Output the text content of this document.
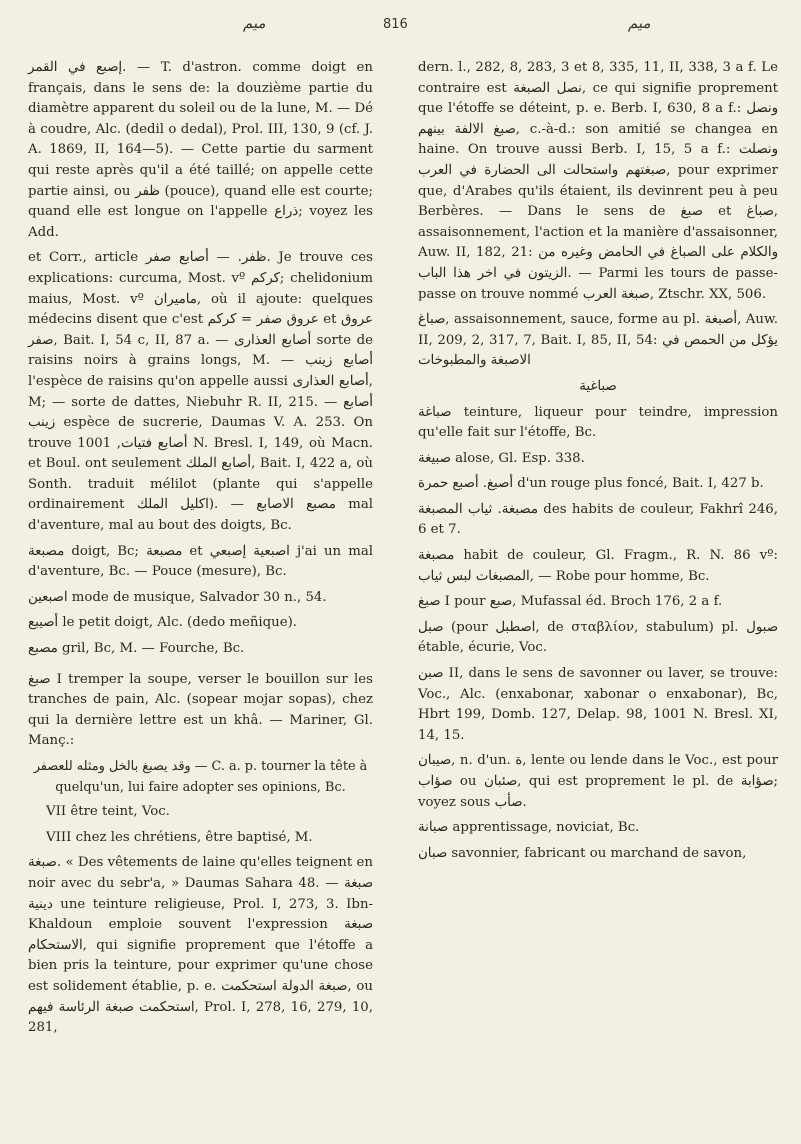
ميم	816	ميم

إصبع في القمر. — T. d'astron. comme doigt en français, dans le sens de: la douzième partie du diamètre apparent du soleil ou de la lune, M. — Dé à coudre, Alc. (dedil o dedal), Prol. III, 130, 9 (cf. J. A. 1869, II, 164—5). — Cette partie du sarment qui reste après qu'il a été taillé; on appelle cette partie ainsi, ou ظفر (pouce), quand elle est courte; quand elle est longue on l'appelle ذراع; voyez les Add.

et Corr., article ظفر. — أصابع صفر. Je trouve ces explications: curcuma, Most. vº كركم; chelidonium maius, Most. vº ماميران, où il ajoute: quelques médecins disent que c'est عروق صفر = كركم et عروق صفر, Bait. I, 54 c, II, 87 a. — أصابع العذارى sorte de raisins noirs à grains longs, M. — أصابع زينب l'espèce de raisins qu'on appelle aussi أصابع العذارى, M; — sorte de dattes, Niebuhr R. II, 215. — أصابع زينب espèce de sucrerie, Daumas V. A. 253. On trouve أصابع فتيات, 1001 N. Bresl. I, 149, où Macn. et Boul. ont seulement أصابع الملك, Bait. I, 422 a, où Sonth. traduit mélilot (plante qui s'appelle ordinairement اكليل الملك). — مصبع الاصابع mal d'aventure, mal au bout des doigts, Bc.

مصبعة doigt, Bc; مصبعة et اصبعية إصبعي j'ai un mal d'aventure, Bc. — Pouce (mesure), Bc.

اصبعين mode de musique, Salvador 30 n., 54.

أصيبع le petit doigt, Alc. (dedo meñique).

مصبع gril, Bc, M. — Fourche, Bc.

صبغ I tremper la soupe, verser le bouillon sur les tranches de pain, Alc. (sopear mojar sopas), chez qui la dernière lettre est un khâ. — Mariner, Gl. Manç.:

وقد يصبغ بالخل ومثله للعصفر — C. a. p. tourner la tête à quelqu'un, lui faire adopter ses opinions, Bc.

VII être teint, Voc.

VIII chez les chrétiens, être baptisé, M.

صبغة. « Des vêtements de laine qu'elles teignent en noir avec du sebr'a, » Daumas Sahara 48. — صبغة دينية une teinture religieuse, Prol. I, 273, 3. Ibn-Khaldoun emploie souvent l'expression صبغة الاستحكام, qui signifie proprement que l'étoffe a bien pris la teinture, pour exprimer qu'une chose est solidement établie, p. e. صبغة الدولة استحكمت, ou استحكمت صبغة الرئاسة فيهم, Prol. I, 278, 16, 279, 10, 281,

dern. l., 282, 8, 283, 3 et 8, 335, 11, II, 338, 3 a f. Le contraire est نصل الصبغة, ce qui signifie proprement que l'étoffe se déteint, p. e. Berb. I, 630, 8 a f.: ونصل صبغ الالفة بينهم, c.-à-d.: son amitié se changea en haine. On trouve aussi Berb. I, 15, 5 a f.: ونصلت صبغتهم واستحالت الى الحضارة في العرب, pour exprimer que, d'Arabes qu'ils étaient, ils devinrent peu à peu Berbères. — Dans le sens de صبغ et صباغ, assaisonnement, l'action et la manière d'assaisonner, Auw. II, 182, 21: والكلام على الصباغ في الحامض وغيره من الزيتون في اخر هذا الباب. — Parmi les tours de passe-passe on trouve nommé صبغة العرب, Ztschr. XX, 506.

صباغ, assaisonnement, sauce, forme au pl. أصبغة, Auw. II, 209, 2, 317, 7, Bait. I, 85, II, 54: يؤكل من الحمص في الاصبغة والمطبوخات

صباغية

صباغة teinture, liqueur pour teindre, impression qu'elle fait sur l'étoffe, Bc.

صبيغة alose, Gl. Esp. 338.

أصبغ. أصبع حمرة d'un rouge plus foncé, Bait. I, 427 b.

مصبغة. ثياب المصبغة des habits de couleur, Fakhrî 246, 6 et 7.

مصبغة habit de couleur, Gl. Fragm., R. N. 86 vº: المصبغات لبس ثياب, — Robe pour homme, Bc.

صبغ I pour صبع, Mufassal éd. Broch 176, 2 a f.

صبل (pour اصطبل, de σταβλίον, stabulum) pl. صبول étable, écurie, Voc.

صبن II, dans le sens de savonner ou laver, se trouve: Voc., Alc. (enxabonar, xabonar o enxabonar), Bc, Hbrt 199, Domb. 127, Delap. 98, 1001 N. Bresl. XI, 14, 15.

صيبان, n. d'un. ة, lente ou lende dans le Voc., est pour صؤاب ou صئبان, qui est proprement le pl. de صؤابة; voyez sous صأب.

صبانة apprentissage, noviciat, Bc.

صبان savonnier, fabricant ou marchand de savon,
